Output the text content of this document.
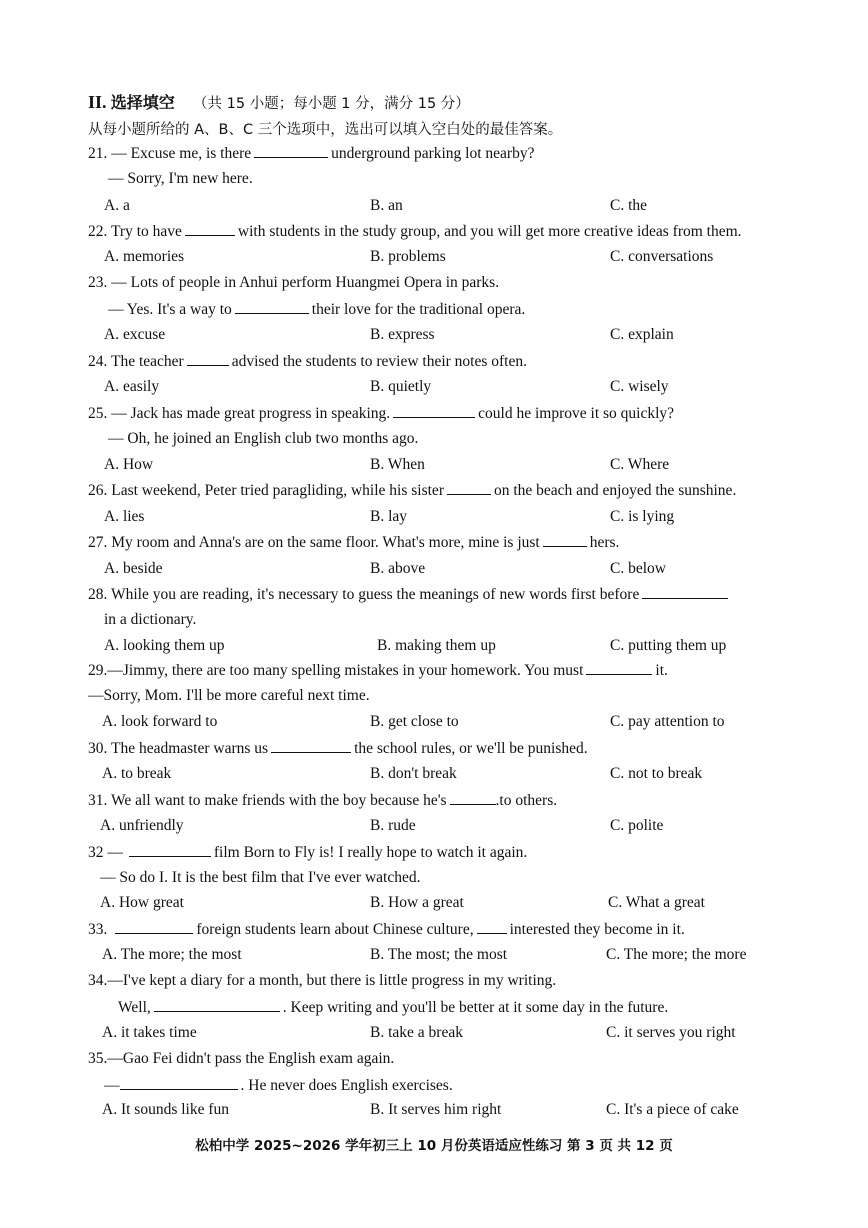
II. 选择填空 （共 15 小题；每小题 1 分，满分 15 分）
从每小题所给的 A、B、C 三个选项中，选出可以填入空白处的最佳答案。
21. — Excuse me, is there	underground parking lot nearby?
— Sorry, I'm new here.
A. a	B. an	C. the
22. Try to have	with students in the study group, and you will get more creative ideas from them.
A. memories	B. problems	C. conversations
23. — Lots of people in Anhui perform Huangmei Opera in parks.
— Yes. It's a way to	their love for the traditional opera.
A. excuse	B. express	C. explain
24. The teacher	advised the students to review their notes often.
A. easily	B. quietly	C. wisely
25. — Jack has made great progress in speaking.	could he improve it so quickly?
— Oh, he joined an English club two months ago.
A. How	B. When	C. Where
26. Last weekend, Peter tried paragliding, while his sister	on the beach and enjoyed the sunshine.
A. lies	B. lay	C. is lying
27. My room and Anna's are on the same floor. What's more, mine is just	hers.
A. beside	B. above	C. below
28. While you are reading, it's necessary to guess the meanings of new words first before
in a dictionary.
A. looking them up	B. making them up	C. putting them up
29.—Jimmy, there are too many spelling mistakes in your homework. You must	it.
—Sorry, Mom. I'll be more careful next time.
A. look forward to	B. get close to	C. pay attention to
30. The headmaster warns us	the school rules, or we'll be punished.
A. to break	B. don't break	C. not to break
31. We all want to make friends with the boy because he's	.to others.
A. unfriendly	B. rude	C. polite
32 —	film Born to Fly is! I really hope to watch it again.
— So do I. It is the best film that I've ever watched.
A. How great	B. How a great	C. What a great
33.	foreign students learn about Chinese culture, interested they become in it.
A. The more; the most	B. The most; the most	C. The more; the more
34.—I've kept a diary for a month, but there is little progress in my writing.
Well,	. Keep writing and you'll be better at it some day in the future.
A. it takes time	B. take a break	C. it serves you right
35.—Gao Fei didn't pass the English exam again.
—	. He never does English exercises.
A. It sounds like fun	B. It serves him right	C. It's a piece of cake
松柏中学 2025~2026 学年初三上 10 月份英语适应性练习 第 3 页 共 12 页
